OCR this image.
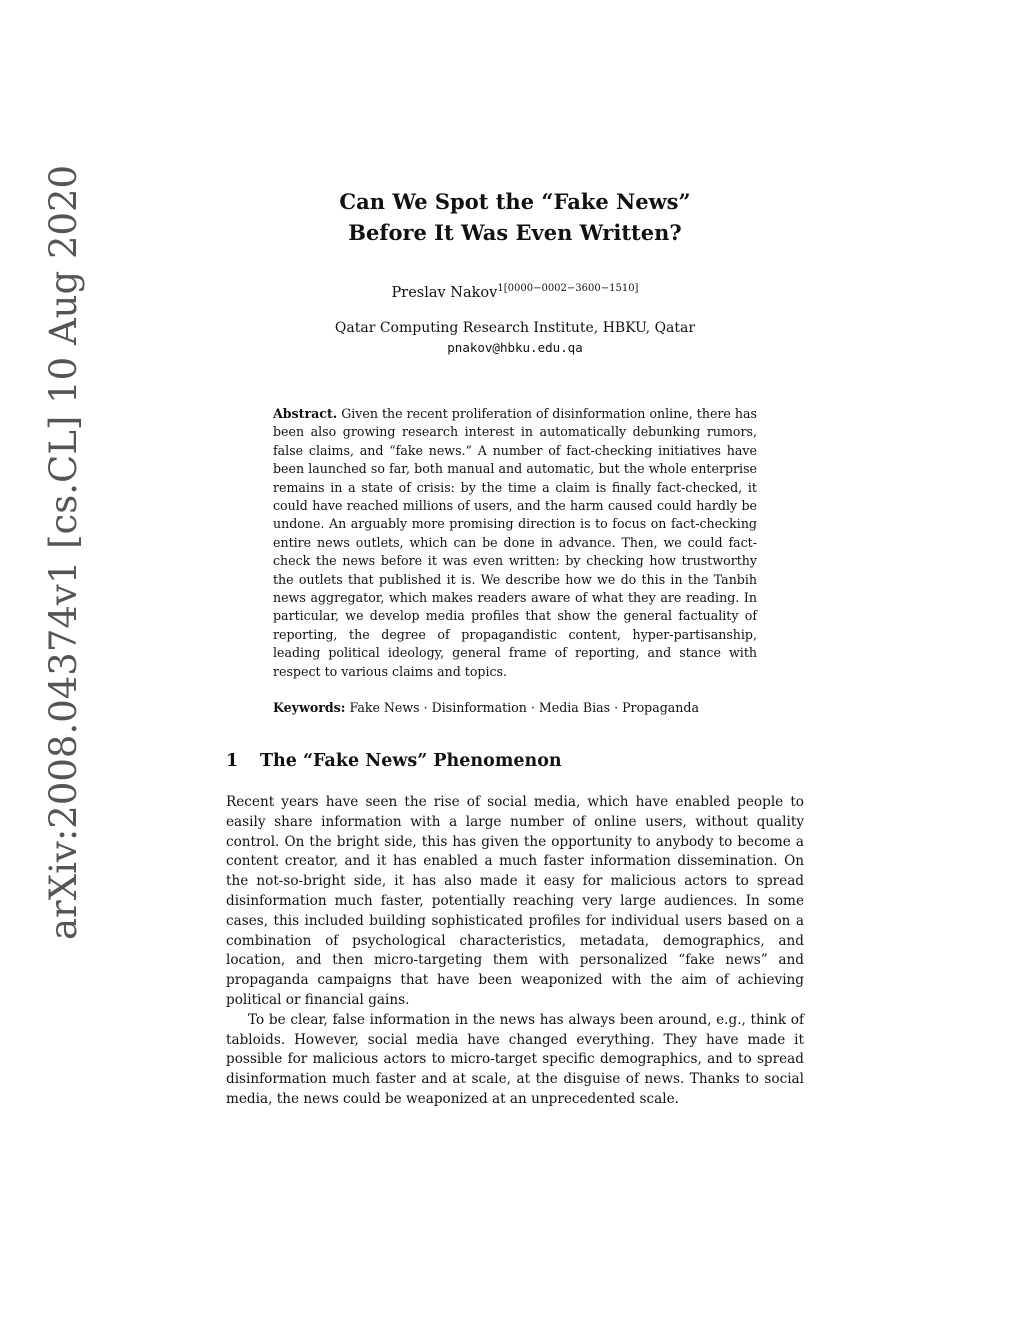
arXiv:2008.04374v1 [cs.CL] 10 Aug 2020	Can We Spot the “Fake News”
Before It Was Even Written?
Preslav Nakov$^{1[0000-0002-3600-1510]}$
Qatar Computing Research Institute, HBKU, Qatar
pnakov@hbku.edu.qa
Abstract. Given the recent proliferation of disinformation online, there has been also growing research interest in automatically debunking rumors, false claims, and “fake news.” A number of fact-checking initiatives have been launched so far, both manual and automatic, but the whole enterprise remains in a state of crisis: by the time a claim is finally fact-checked, it could have reached millions of users, and the harm caused could hardly be undone. An arguably more promising direction is to focus on fact-checking entire news outlets, which can be done in advance. Then, we could fact-check the news before it was even written: by checking how trustworthy the outlets that published it is. We describe how we do this in the Tanbih news aggregator, which makes readers aware of what they are reading. In particular, we develop media profiles that show the general factuality of reporting, the degree of propagandistic content, hyper-partisanship, leading political ideology, general frame of reporting, and stance with respect to various claims and topics.
Keywords: Fake News · Disinformation · Media Bias · Propaganda
1 The “Fake News” Phenomenon

Recent years have seen the rise of social media, which have enabled people to easily share information with a large number of online users, without quality control. On the bright side, this has given the opportunity to anybody to become a content creator, and it has enabled a much faster information dissemination. On the not-so-bright side, it has also made it easy for malicious actors to spread disinformation much faster, potentially reaching very large audiences. In some cases, this included building sophisticated profiles for individual users based on a combination of psychological characteristics, metadata, demographics, and location, and then micro-targeting them with personalized “fake news” and propaganda campaigns that have been weaponized with the aim of achieving political or financial gains.

To be clear, false information in the news has always been around, e.g., think of tabloids. However, social media have changed everything. They have made it possible for malicious actors to micro-target specific demographics, and to spread disinformation much faster and at scale, at the disguise of news. Thanks to social media, the news could be weaponized at an unprecedented scale.
